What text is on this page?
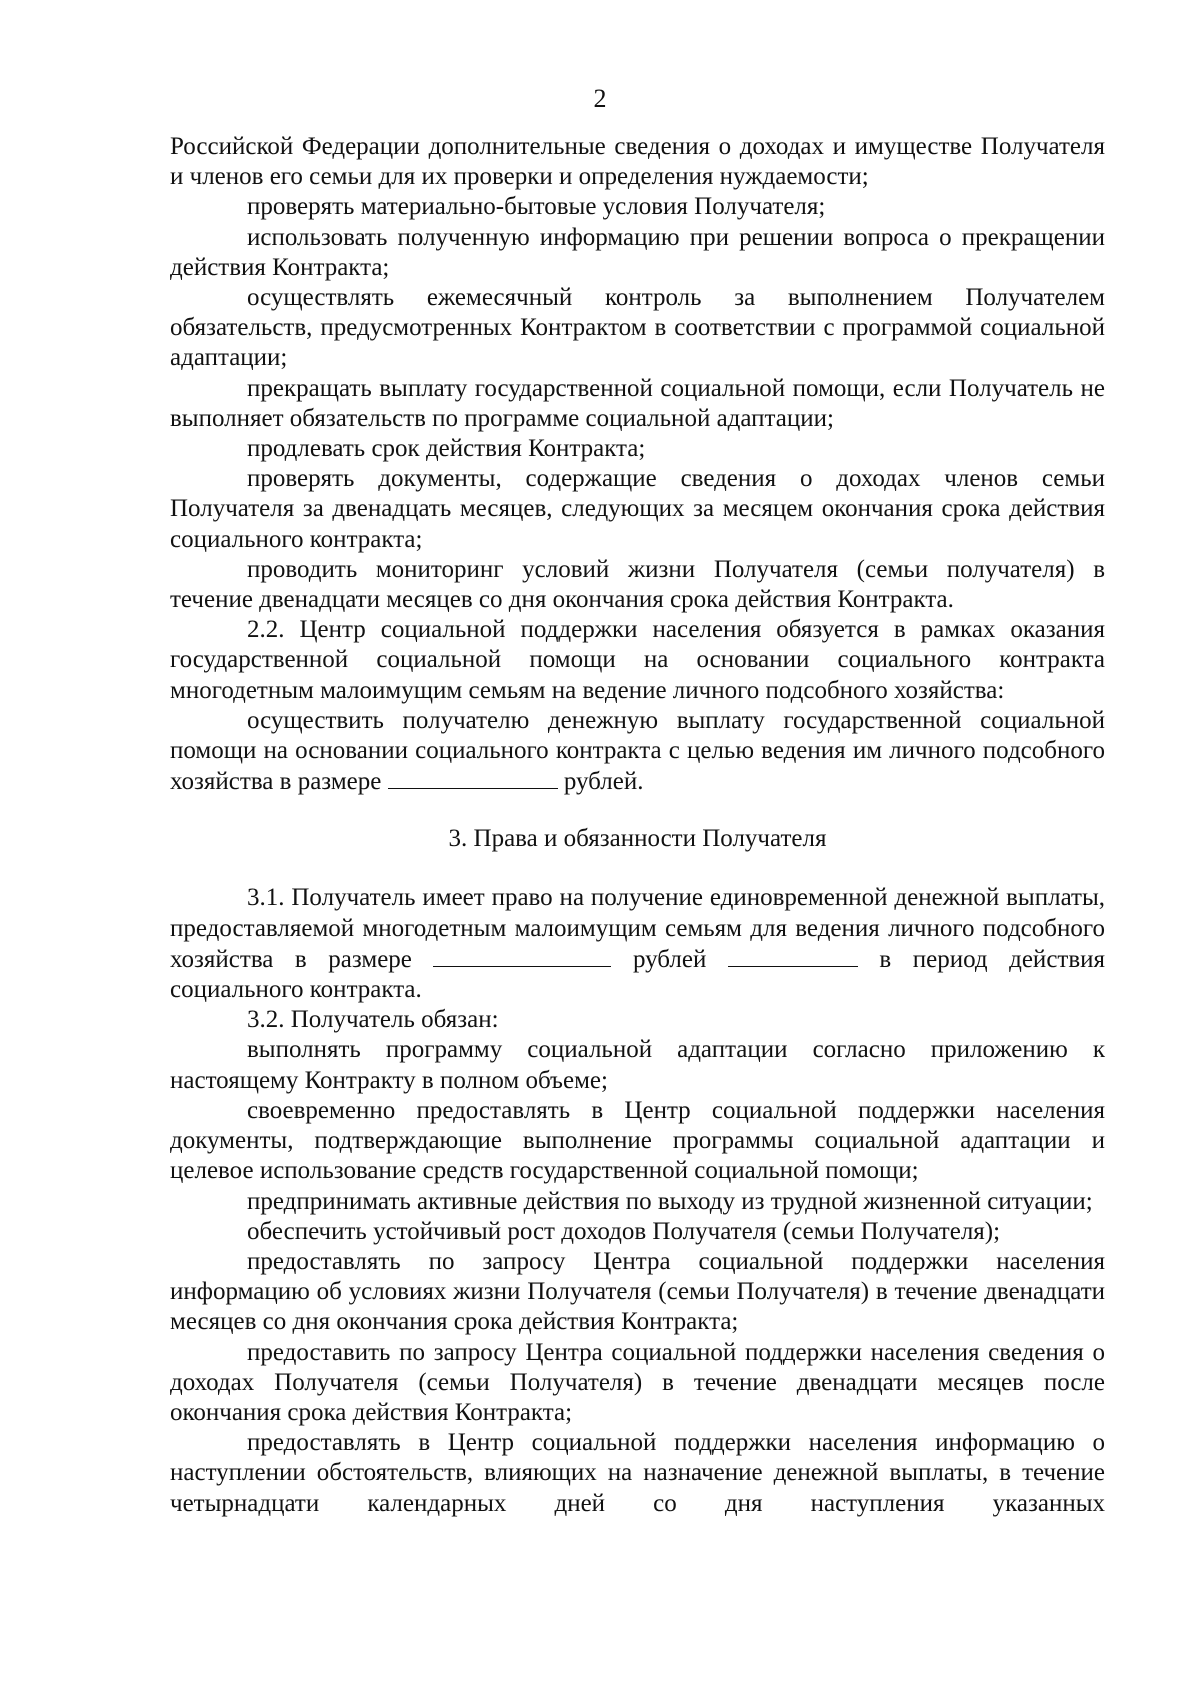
2

Российской Федерации дополнительные сведения о доходах и имуществе Получателя и членов его семьи для их проверки и определения нуждаемости;

проверять материально-бытовые условия Получателя;

использовать полученную информацию при решении вопроса о прекращении действия Контракта;

осуществлять ежемесячный контроль за выполнением Получателем обязательств, предусмотренных Контрактом в соответствии с программой социальной адаптации;

прекращать выплату государственной социальной помощи, если Получатель не выполняет обязательств по программе социальной адаптации;

продлевать срок действия Контракта;

проверять документы, содержащие сведения о доходах членов семьи Получателя за двенадцать месяцев, следующих за месяцем окончания срока действия социального контракта;

проводить мониторинг условий жизни Получателя (семьи получателя) в течение двенадцати месяцев со дня окончания срока действия Контракта.

2.2. Центр социальной поддержки населения обязуется в рамках оказания государственной социальной помощи на основании социального контракта многодетным малоимущим семьям на ведение личного подсобного хозяйства:

осуществить получателю денежную выплату государственной социальной помощи на основании социального контракта с целью ведения им личного подсобного хозяйства в размере	рублей.

3. Права и обязанности Получателя

3.1. Получатель имеет право на получение единовременной денежной выплаты, предоставляемой многодетным малоимущим семьям для ведения личного подсобного хозяйства в размере	рублей	в период действия социального контракта.

3.2. Получатель обязан:

выполнять программу социальной адаптации согласно приложению к настоящему Контракту в полном объеме;

своевременно предоставлять в Центр социальной поддержки населения документы, подтверждающие выполнение программы социальной адаптации и целевое использование средств государственной социальной помощи;

предпринимать активные действия по выходу из трудной жизненной ситуации;

обеспечить устойчивый рост доходов Получателя (семьи Получателя);

предоставлять по запросу Центра социальной поддержки населения информацию об условиях жизни Получателя (семьи Получателя) в течение двенадцати месяцев со дня окончания срока действия Контракта;

предоставить по запросу Центра социальной поддержки населения сведения о доходах Получателя (семьи Получателя) в течение двенадцати месяцев после окончания срока действия Контракта;

предоставлять в Центр социальной поддержки населения информацию о наступлении обстоятельств, влияющих на назначение денежной выплаты, в течение четырнадцати календарных дней со дня наступления указанных
